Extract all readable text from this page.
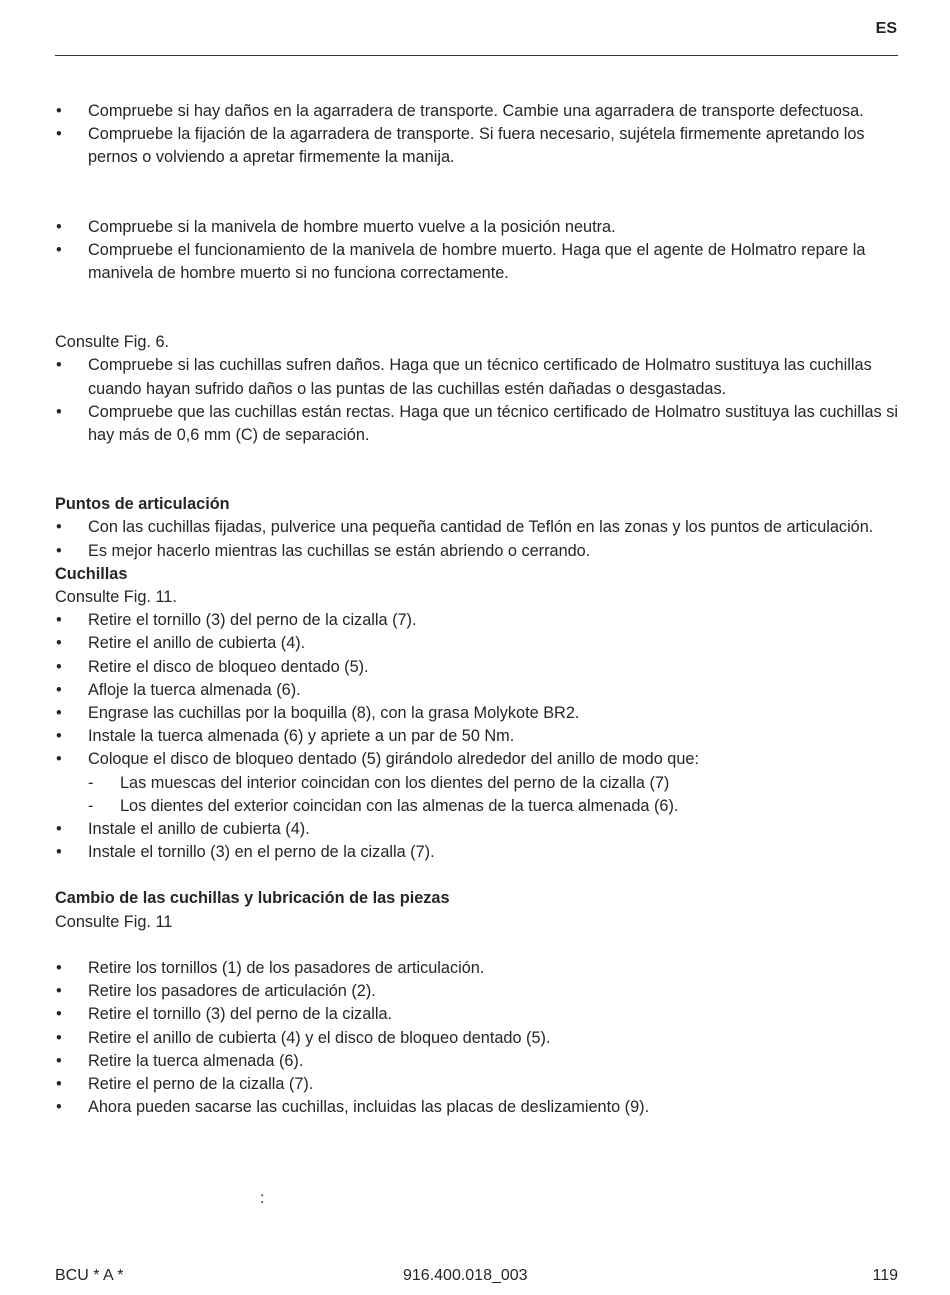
ES
• Compruebe si hay daños en la agarradera de transporte. Cambie una agarradera de transporte defectuosa.
• Compruebe la fijación de la agarradera de transporte. Si fuera necesario, sujétela firmemente apretando los pernos o volviendo a apretar firmemente la manija.
• Compruebe si la manivela de hombre muerto vuelve a la posición neutra.
• Compruebe el funcionamiento de la manivela de hombre muerto. Haga que el agente de Holmatro repare la manivela de hombre muerto si no funciona correctamente.
Consulte Fig. 6.
• Compruebe si las cuchillas sufren daños. Haga que un técnico certificado de Holmatro sustituya las cuchillas cuando hayan sufrido daños o las puntas de las cuchillas estén dañadas o desgastadas.
• Compruebe que las cuchillas están rectas. Haga que un técnico certificado de Holmatro sustituya las cuchillas si hay más de 0,6 mm (C) de separación.
Puntos de articulación
• Con las cuchillas fijadas, pulverice una pequeña cantidad de Teflón en las zonas y los puntos de articulación.
• Es mejor hacerlo mientras las cuchillas se están abriendo o cerrando.
Cuchillas
Consulte Fig. 11.
• Retire el tornillo (3) del perno de la cizalla (7).
• Retire el anillo de cubierta (4).
• Retire el disco de bloqueo dentado (5).
• Afloje la tuerca almenada (6).
• Engrase las cuchillas por la boquilla (8), con la grasa Molykote BR2.
• Instale la tuerca almenada (6) y apriete a un par de 50 Nm.
• Coloque el disco de bloqueo dentado (5) girándolo alrededor del anillo de modo que:
- Las muescas del interior coincidan con los dientes del perno de la cizalla (7)
- Los dientes del exterior coincidan con las almenas de la tuerca almenada (6).
• Instale el anillo de cubierta (4).
• Instale el tornillo (3) en el perno de la cizalla (7).
Cambio de las cuchillas y lubricación de las piezas
Consulte Fig. 11
• Retire los tornillos (1) de los pasadores de articulación.
• Retire los pasadores de articulación (2).
• Retire el tornillo (3) del perno de la cizalla.
• Retire el anillo de cubierta (4) y el disco de bloqueo dentado (5).
• Retire la tuerca almenada (6).
• Retire el perno de la cizalla (7).
• Ahora pueden sacarse las cuchillas, incluidas las placas de deslizamiento (9).
:
BCU * A *	916.400.018_003	119
